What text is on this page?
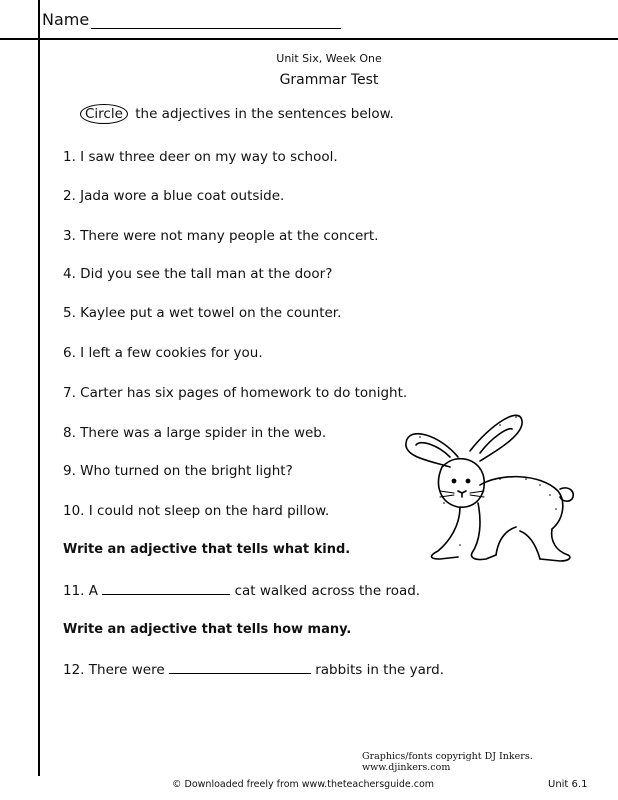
Name
Unit Six, Week One
Grammar Test
Circle the adjectives in the sentences below.
1. I saw three deer on my way to school.
2. Jada wore a blue coat outside.
3. There were not many people at the concert.
4. Did you see the tall man at the door?
5. Kaylee put a wet towel on the counter.
6. I left a few cookies for you.
7. Carter has six pages of homework to do tonight.
8. There was a large spider in the web.
9. Who turned on the bright light?
10. I could not sleep on the hard pillow.
Write an adjective that tells what kind.
11. A	cat walked across the road.
Write an adjective that tells how many.
12. There were	rabbits in the yard.
Graphics/fonts copyright DJ Inkers. www.djinkers.com
© Downloaded freely from www.theteachersguide.com	Unit 6.1
